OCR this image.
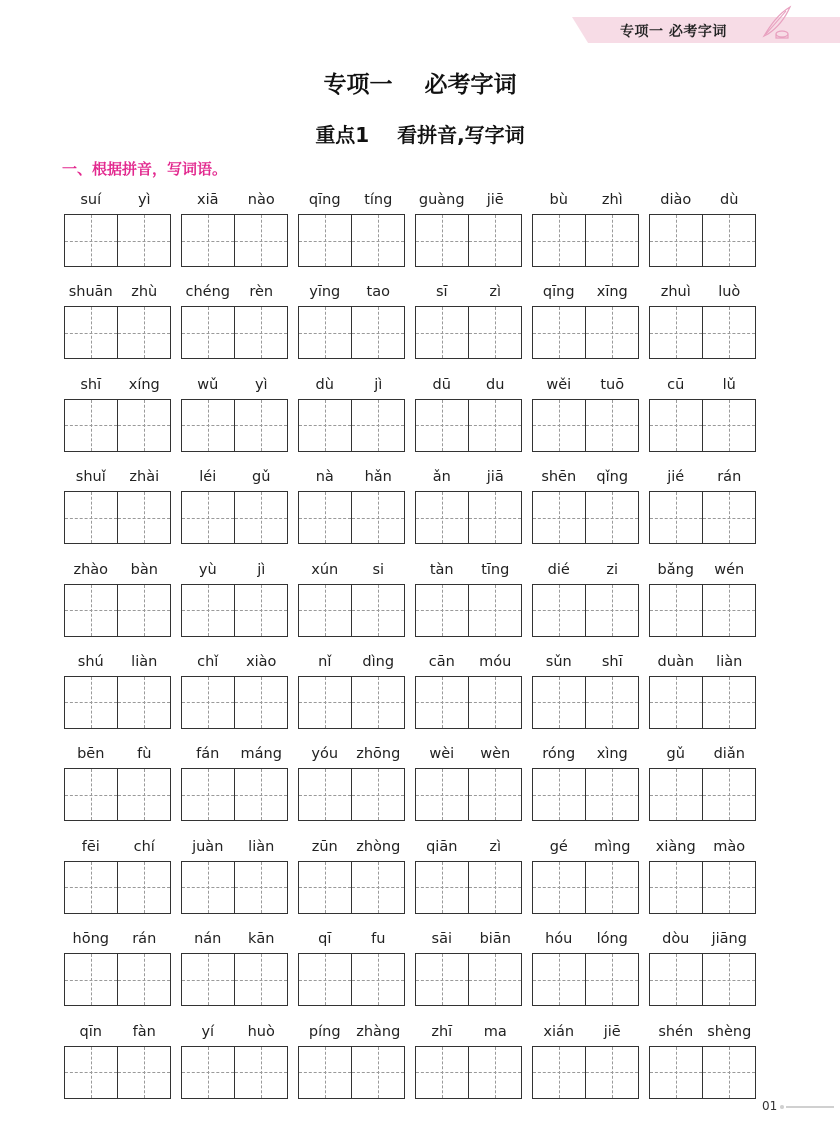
专项一 必考字词
专项一    必考字词
重点1    看拼音,写字词
一、根据拼音，写词语。
suí	yì	xiā	nào	qīng	tíng	guàng	jiē	bù	zhì	diào	dù
shuān	zhù	chéng	rèn	yīng	tao	sī	zì	qīng	xīng	zhuì	luò
shī	xíng	wǔ	yì	dù	jì	dū	du	wěi	tuō	cū	lǔ
shuǐ	zhài	léi	gǔ	nà	hǎn	ǎn	jiā	shēn	qǐng	jié	rán
zhào	bàn	yù	jì	xún	si	tàn	tīng	dié	zi	bǎng	wén
shú	liàn	chǐ	xiào	nǐ	dìng	cān	móu	sǔn	shī	duàn	liàn
bēn	fù	fán	máng	yóu	zhōng	wèi	wèn	róng	xìng	gǔ	diǎn
fēi	chí	juàn	liàn	zūn	zhòng	qiān	zì	gé	mìng	xiàng	mào
hōng	rán	nán	kān	qī	fu	sāi	biān	hóu	lóng	dòu	jiāng
qīn	fàn	yí	huò	píng	zhàng	zhī	ma	xián	jiē	shén shèng
01
